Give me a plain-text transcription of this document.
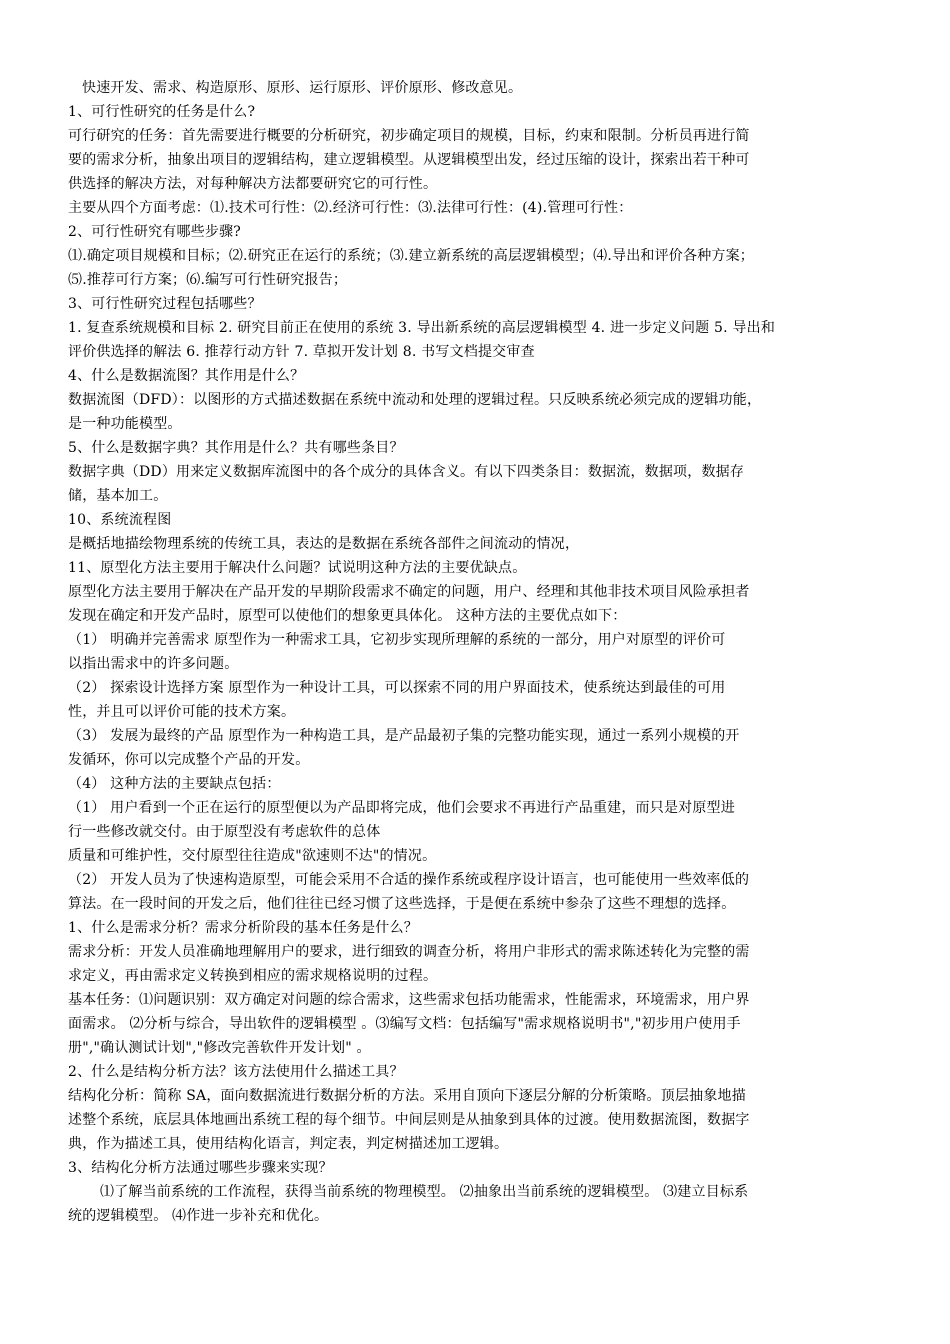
快速开发、需求、构造原形、原形、运行原形、评价原形、修改意见。
1、可行性研究的任务是什么?
可行研究的任务：首先需要进行概要的分析研究，初步确定项目的规模，目标，约束和限制。分析员再进行简
要的需求分析，抽象出项目的逻辑结构，建立逻辑模型。从逻辑模型出发，经过压缩的设计，探索出若干种可
供选择的解决方法，对每种解决方法都要研究它的可行性。
主要从四个方面考虑：⑴.技术可行性：⑵.经济可行性：⑶.法律可行性：(4).管理可行性：
2、可行性研究有哪些步骤?
⑴.确定项目规模和目标；⑵.研究正在运行的系统；⑶.建立新系统的高层逻辑模型；⑷.导出和评价各种方案；
⑸.推荐可行方案；⑹.编写可行性研究报告；
3、可行性研究过程包括哪些？
1. 复查系统规模和目标 2. 研究目前正在使用的系统 3. 导出新系统的高层逻辑模型 4. 进一步定义问题 5. 导出和
评价供选择的解法 6. 推荐行动方针 7. 草拟开发计划 8. 书写文档提交审查
4、什么是数据流图？其作用是什么？
数据流图（DFD）：以图形的方式描述数据在系统中流动和处理的逻辑过程。只反映系统必须完成的逻辑功能，
是一种功能模型。
5、什么是数据字典？其作用是什么？共有哪些条目？
数据字典（DD）用来定义数据库流图中的各个成分的具体含义。有以下四类条目：数据流，数据项，数据存
储，基本加工。
10、系统流程图
是概括地描绘物理系统的传统工具，表达的是数据在系统各部件之间流动的情况，
11、原型化方法主要用于解决什么问题？试说明这种方法的主要优缺点。
原型化方法主要用于解决在产品开发的早期阶段需求不确定的问题，用户、经理和其他非技术项目风险承担者
发现在确定和开发产品时，原型可以使他们的想象更具体化。 这种方法的主要优点如下：
（1） 明确并完善需求 原型作为一种需求工具，它初步实现所理解的系统的一部分，用户对原型的评价可
以指出需求中的许多问题。
（2） 探索设计选择方案 原型作为一种设计工具，可以探索不同的用户界面技术，使系统达到最佳的可用
性，并且可以评价可能的技术方案。
（3） 发展为最终的产品 原型作为一种构造工具，是产品最初子集的完整功能实现，通过一系列小规模的开
发循环，你可以完成整个产品的开发。
（4） 这种方法的主要缺点包括：
（1） 用户看到一个正在运行的原型便以为产品即将完成，他们会要求不再进行产品重建，而只是对原型进
行一些修改就交付。由于原型没有考虑软件的总体
质量和可维护性，交付原型往往造成"欲速则不达"的情况。
（2） 开发人员为了快速构造原型，可能会采用不合适的操作系统或程序设计语言，也可能使用一些效率低的
算法。在一段时间的开发之后，他们往往已经习惯了这些选择，于是便在系统中参杂了这些不理想的选择。
1、什么是需求分析？需求分析阶段的基本任务是什么？
需求分析：开发人员准确地理解用户的要求，进行细致的调查分析，将用户非形式的需求陈述转化为完整的需
求定义，再由需求定义转换到相应的需求规格说明的过程。
基本任务：⑴问题识别：双方确定对问题的综合需求，这些需求包括功能需求，性能需求，环境需求，用户界
面需求。 ⑵分析与综合，导出软件的逻辑模型 。⑶编写文档：包括编写"需求规格说明书","初步用户使用手
册","确认测试计划","修改完善软件开发计划" 。
2、什么是结构分析方法？该方法使用什么描述工具？
结构化分析：简称 SA，面向数据流进行数据分析的方法。采用自顶向下逐层分解的分析策略。顶层抽象地描
述整个系统，底层具体地画出系统工程的每个细节。中间层则是从抽象到具体的过渡。使用数据流图，数据字
典，作为描述工具，使用结构化语言，判定表，判定树描述加工逻辑。
3、结构化分析方法通过哪些步骤来实现？
⑴了解当前系统的工作流程，获得当前系统的物理模型。 ⑵抽象出当前系统的逻辑模型。 ⑶建立目标系
统的逻辑模型。 ⑷作进一步补充和优化。
